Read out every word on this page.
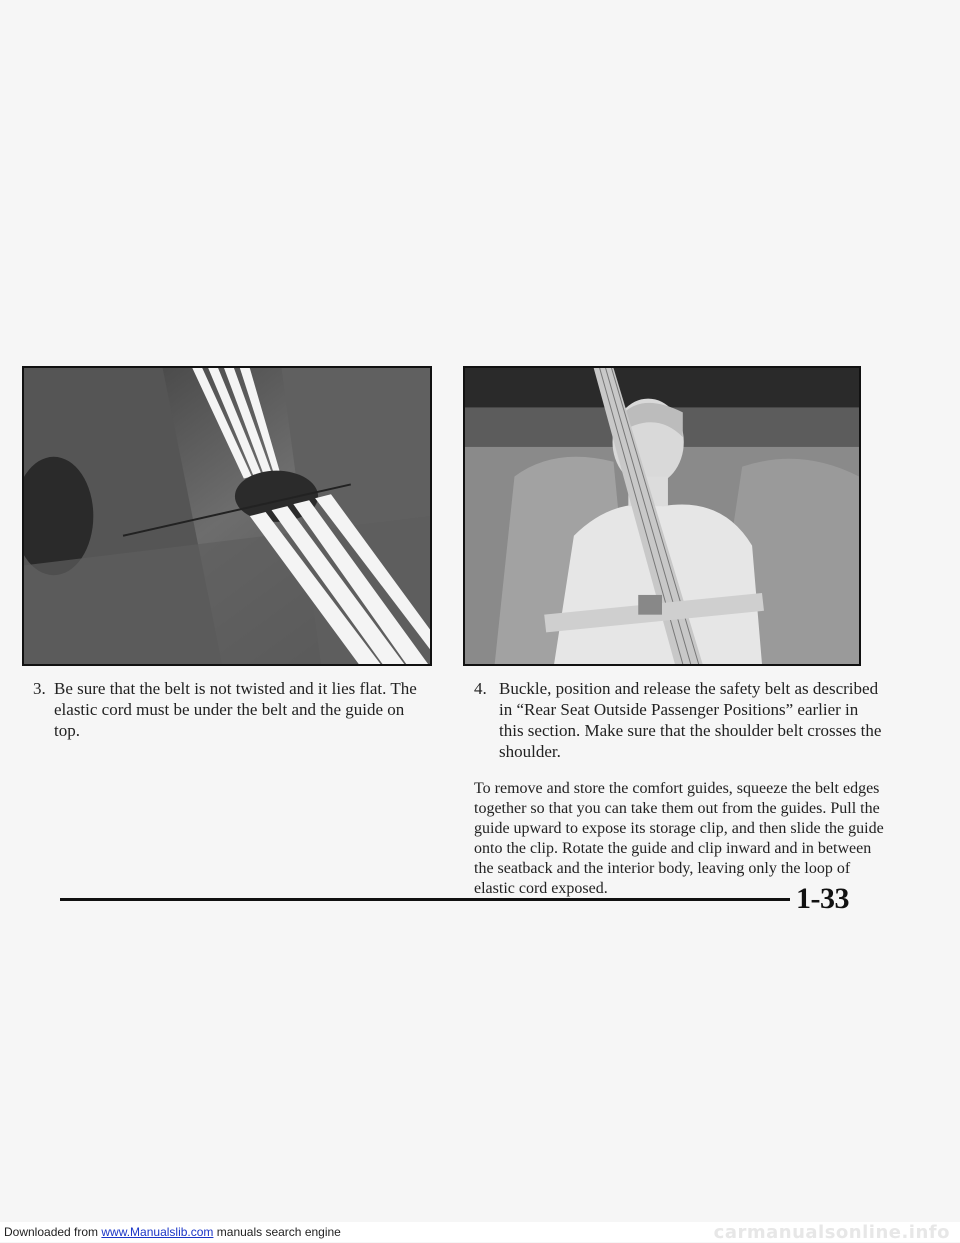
3. Be sure that the belt is not twisted and it lies flat. The elastic cord must be under the belt and the guide on top.
4. Buckle, position and release the safety belt as described in “Rear Seat Outside Passenger Positions” earlier in this section. Make sure that the shoulder belt crosses the shoulder.

To remove and store the comfort guides, squeeze the belt edges together so that you can take them out from the guides. Pull the guide upward to expose its storage clip, and then slide the guide onto the clip. Rotate the guide and clip inward and in between the seatback and the interior body, leaving only the loop of elastic cord exposed.	1-33
Downloaded from www.Manualslib.com manuals search engine	carmanualsonline.info
